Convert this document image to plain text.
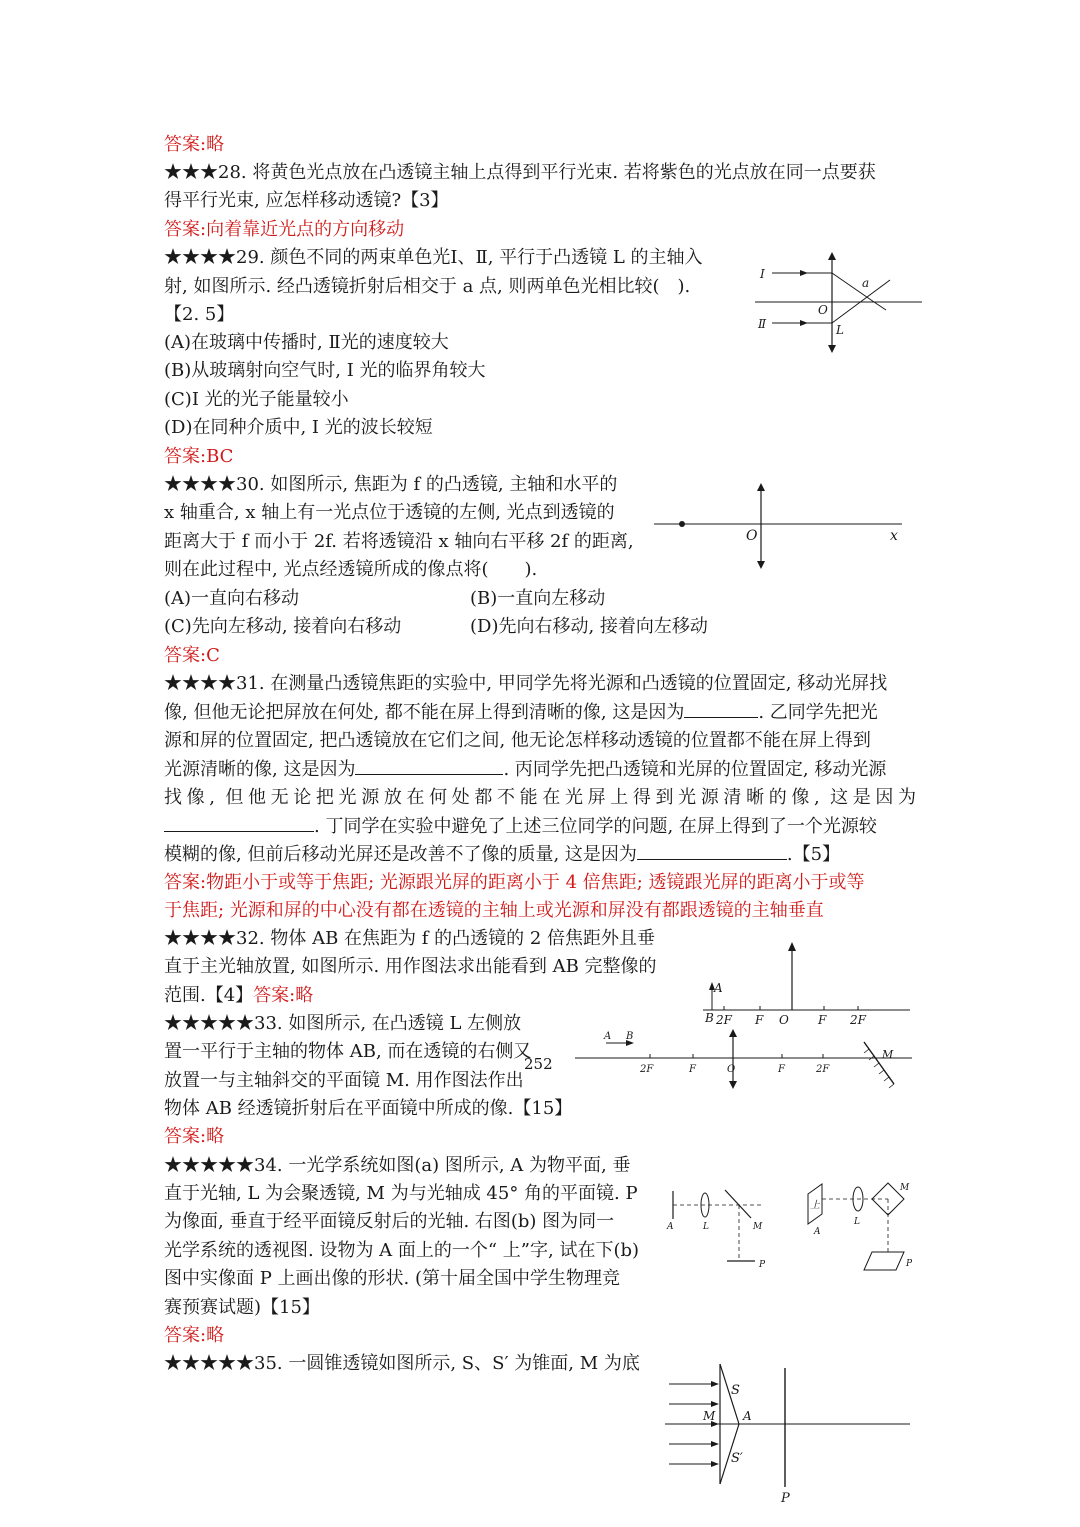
答案:略
★★★28. 将黄色光点放在凸透镜主轴上点得到平行光束. 若将紫色的光点放在同一点要获
得平行光束, 应怎样移动透镜?【3】
答案:向着靠近光点的方向移动
★★★★29. 颜色不同的两束单色光Ⅰ、Ⅱ, 平行于凸透镜 L 的主轴入
射, 如图所示. 经凸透镜折射后相交于 a 点, 则两单色光相比较(　).
【2. 5】
(A)在玻璃中传播时, Ⅱ光的速度较大
(B)从玻璃射向空气时, I 光的临界角较大
(C)I 光的光子能量较小
(D)在同种介质中, I 光的波长较短
答案:BC
I
Ⅱ
O
a
L
★★★★30. 如图所示, 焦距为 f 的凸透镜, 主轴和水平的
x 轴重合, x 轴上有一光点位于透镜的左侧, 光点到透镜的
距离大于 f 而小于 2f. 若将透镜沿 x 轴向右平移 2f 的距离,
则在此过程中, 光点经透镜所成的像点将(　　).
(A)一直向右移动	(B)一直向左移动
(C)先向左移动, 接着向右移动	(D)先向右移动, 接着向左移动
答案:C
O	x
★★★★31. 在测量凸透镜焦距的实验中, 甲同学先将光源和凸透镜的位置固定, 移动光屏找
像, 但他无论把屏放在何处, 都不能在屏上得到清晰的像, 这是因为	. 乙同学先把光
源和屏的位置固定, 把凸透镜放在它们之间, 他无论怎样移动透镜的位置都不能在屏上得到
光源清晰的像, 这是因为	. 丙同学先把凸透镜和光屏的位置固定, 移动光源
找像, 但他无论把光源放在何处都不能在光屏上得到光源清晰的像, 这是因为
. 丁同学在实验中避免了上述三位同学的问题, 在屏上得到了一个光源较
模糊的像, 但前后移动光屏还是改善不了像的质量, 这是因为	.【5】
答案:物距小于或等于焦距; 光源跟光屏的距离小于 4 倍焦距; 透镜跟光屏的距离小于或等
于焦距; 光源和屏的中心没有都在透镜的主轴上或光源和屏没有都跟透镜的主轴垂直
★★★★32. 物体 AB 在焦距为 f 的凸透镜的 2 倍焦距外且垂
直于主光轴放置, 如图所示. 用作图法求出能看到 AB 完整像的
范围.【4】答案:略	A
B 2F F O F 2F
★★★★★33. 如图所示, 在凸透镜 L 左侧放
置一平行于主轴的物体 AB, 而在透镜的右侧又
放置一与主轴斜交的平面镜 M. 用作图法作出
物体 AB 经透镜折射后在平面镜中所成的像.【15】
答案:略
A B
2F	F	O	F	2F
M
★★★★★34. 一光学系统如图(a) 图所示, A 为物平面, 垂
直于光轴, L 为会聚透镜, M 为与光轴成 45° 角的平面镜. P
为像面, 垂直于经平面镜反射后的光轴. 右图(b) 图为同一
光学系统的透视图. 设物为 A 面上的一个“ 上”字, 试在下(b)
图中实像面 P 上画出像的形状. (第十届全国中学生物理竞
赛预赛试题)【15】
答案:略
A	L	M
P
上
A
L
M
P
★★★★★35. 一圆锥透镜如图所示, S、S′ 为锥面, M 为底
S
S′
M A
P
252
